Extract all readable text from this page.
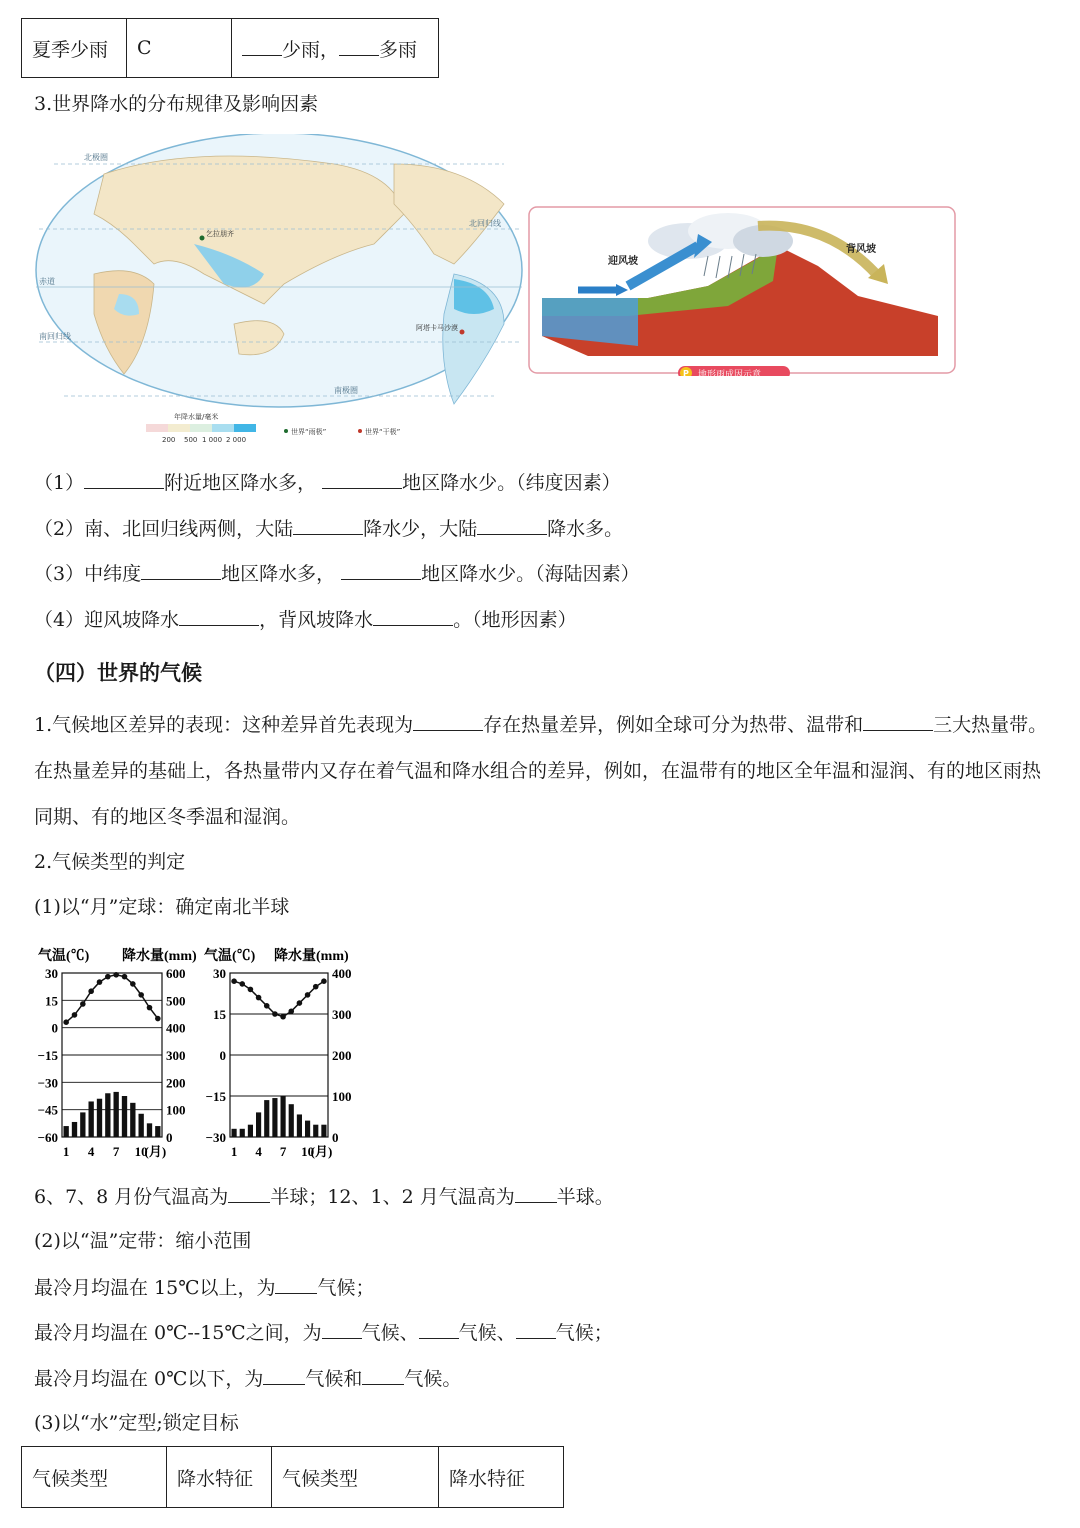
夏季少雨	C	少雨， 多雨
3.世界降水的分布规律及影响因素
北极圈
北回归线
赤道
南回归线
南极圈
乞拉朋齐
阿塔卡马沙漠
年降水量/毫米
200 500 1 000 2 000
世界“雨极”	世界“干极”
迎风坡
背风坡
P 地形雨成因示意
（1）	附近地区降水多，	地区降水少。（纬度因素）
（2）南、北回归线两侧，大陆	降水少，大陆	降水多。
（3）中纬度	地区降水多，	地区降水少。（海陆因素）
（4）迎风坡降水	，背风坡降水	。（地形因素）
（四）世界的气候
1.气候地区差异的表现：这种差异首先表现为	存在热量差异，例如全球可分为热带、温带和	三大热量带。在热量差异的基础上，各热量带内又存在着气温和降水组合的差异，例如，在温带有的地区全年温和湿润、有的地区雨热同期、有的地区冬季温和湿润。
2.气候类型的判定
(1)以“月”定球：确定南北半球
气温(℃) 降水量(mm)
30
15
0
−15
−30
−45
−60
600
500
400
300
200
100
0
1 4 7 10
(月)
气温(℃) 降水量(mm)
30
15
0
−15
−30
400
300
200
100
0
1 4 7 10
(月)
6、7、8 月份气温高为 半球；12、1、2 月气温高为 半球。
(2)以“温”定带：缩小范围
最冷月均温在 15℃以上，为 气候；
最冷月均温在 0℃--15℃之间，为 气候、 气候、 气候；
最冷月均温在 0℃以下，为 气候和 气候。
(3)以“水”定型;锁定目标
气候类型	降水特征	气候类型	降水特征
